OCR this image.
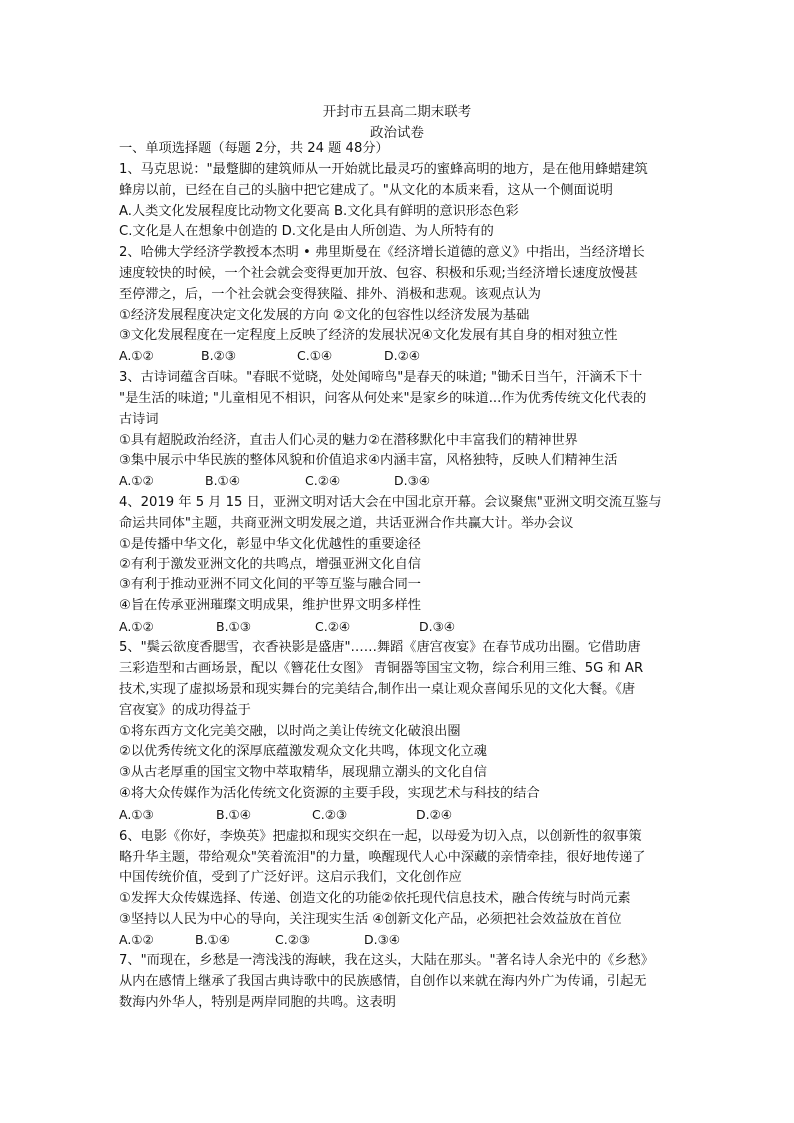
开封市五县高二期末联考
政治试卷
一、单项选择题（每题 2分，共 24 题 48分）
1、马克思说："最蹩脚的建筑师从一开始就比最灵巧的蜜蜂高明的地方，是在他用蜂蜡建筑
蜂房以前，已经在自己的头脑中把它建成了。"从文化的本质来看，这从一个侧面说明
A.人类文化发展程度比动物文化要高 B.文化具有鲜明的意识形态色彩
C.文化是人在想象中创造的 D.文化是由人所创造、为人所特有的
2、哈佛大学经济学教授本杰明 • 弗里斯曼在《经济增长道德的意义》中指出，当经济增长
速度较快的时候，一个社会就会变得更加开放、包容、积极和乐观;当经济增长速度放慢甚
至停滞之，后，一个社会就会变得狭隘、排外、消极和悲观。该观点认为
①经济发展程度决定文化发展的方向 ②文化的包容性以经济发展为基础
③文化发展程度在一定程度上反映了经济的发展状况④文化发展有其自身的相对独立性
A.①②	B.②③	C.①④	D.②④
3、古诗词蕴含百味。"春眠不觉晓，处处闻啼鸟"是春天的味道; "锄禾日当午，汗滴禾下十
"是生活的味道; "儿童相见不相识，问客从何处来"是家乡的味道...作为优秀传统文化代表的
古诗词
①具有超脱政治经济，直击人们心灵的魅力②在潜移默化中丰富我们的精神世界
③集中展示中华民族的整体风貌和价值追求④内涵丰富，风格独特，反映人们精神生活
A.①②	B.①④	C.②④	D.③④
4、2019 年 5 月 15 日，亚洲文明对话大会在中国北京开幕。会议聚焦"亚洲文明交流互鉴与
命运共同体"主题，共商亚洲文明发展之道，共话亚洲合作共赢大计。举办会议
①是传播中华文化，彰显中华文化优越性的重要途径
②有利于激发亚洲文化的共鸣点，增强亚洲文化自信
③有利于推动亚洲不同文化间的平等互鉴与融合同一
④旨在传承亚洲璀璨文明成果，维护世界文明多样性
A.①②	B.①③	C.②④	D.③④
5、"鬓云欲度香腮雪，衣香袂影是盛唐"……舞蹈《唐宫夜宴》在春节成功出圈。它借助唐
三彩造型和古画场景，配以《簪花仕女图》 青铜器等国宝文物，综合利用三维、5G 和 AR
技术,实现了虚拟场景和现实舞台的完美结合,制作出一桌让观众喜闻乐见的文化大餐。《唐
宫夜宴》的成功得益于
①将东西方文化完美交融，以时尚之美让传统文化破浪出圈
②以优秀传统文化的深厚底蕴激发观众文化共鸣，体现文化立魂
③从古老厚重的国宝文物中萃取精华，展现鼎立潮头的文化自信
④将大众传媒作为活化传统文化资源的主要手段，实现艺术与科技的结合
A.①③	B.①④	C.②③	D.②④
6、电影《你好，李焕英》把虚拟和现实交织在一起，以母爱为切入点，以创新性的叙事策
略升华主题，带给观众"笑着流泪"的力量，唤醒现代人心中深藏的亲情牵挂，很好地传递了
中国传统价值，受到了广泛好评。这启示我们，文化创作应
①发挥大众传媒选择、传递、创造文化的功能②依托现代信息技术，融合传统与时尚元素
③坚持以人民为中心的导向，关注现实生活 ④创新文化产品，必须把社会效益放在首位
A.①②	B.①④	C.②③	D.③④
7、"而现在，乡愁是一湾浅浅的海峡，我在这头，大陆在那头。"著名诗人余光中的《乡愁》
从内在感情上继承了我国古典诗歌中的民族感情，自创作以来就在海内外广为传诵，引起无
数海内外华人，特别是两岸同胞的共鸣。这表明
